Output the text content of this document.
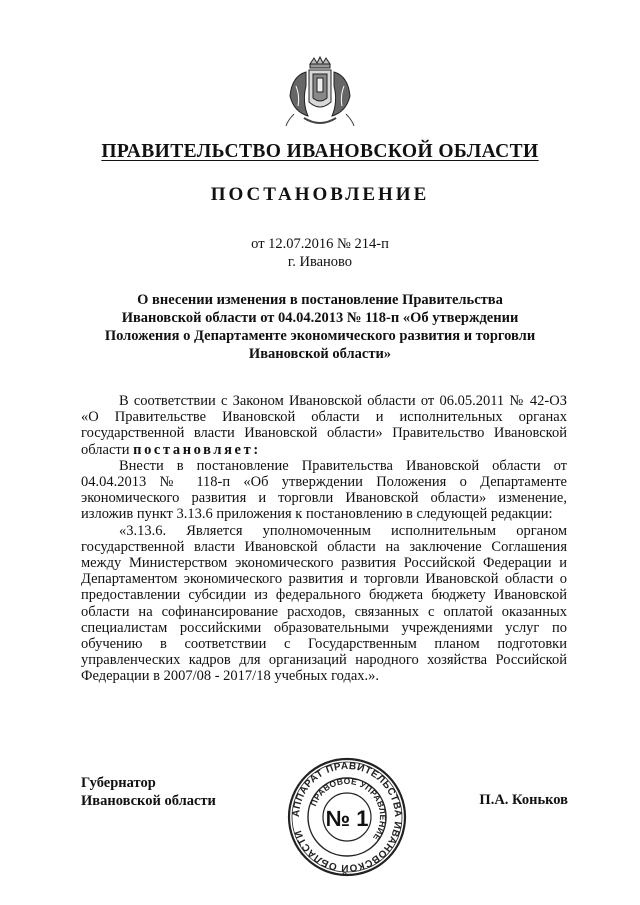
ПРАВИТЕЛЬСТВО ИВАНОВСКОЙ ОБЛАСТИ
ПОСТАНОВЛЕНИЕ
от 12.07.2016 № 214-п
г. Иваново
О внесении изменения в постановление Правительства
Ивановской области от 04.04.2013 № 118-п «Об утверждении
Положения о Департаменте экономического развития и торговли
Ивановской области»

В соответствии с Законом Ивановской области от 06.05.2011 № 42-ОЗ «О Правительстве Ивановской области и исполнительных органах государственной власти Ивановской области» Правительство Ивановской области постановляет:

Внести в постановление Правительства Ивановской области от 04.04.2013 № 118-п «Об утверждении Положения о Департаменте экономического развития и торговли Ивановской области» изменение, изложив пункт 3.13.6 приложения к постановлению в следующей редакции:

«3.13.6. Является уполномоченным исполнительным органом государственной власти Ивановской области на заключение Соглашения между Министерством экономического развития Российской Федерации и Департаментом экономического развития и торговли Ивановской области о предоставлении субсидии из федерального бюджета бюджету Ивановской области на софинансирование расходов, связанных с оплатой оказанных специалистам российскими образовательными учреждениями услуг по обучению в соответствии с Государственным планом подготовки управленческих кадров для организаций народного хозяйства Российской Федерации в 2007/08 - 2017/18 учебных годах.».

Губернатор
Ивановской области	П.А. Коньков
АППАРАТ ПРАВИТЕЛЬСТВА ИВАНОВСКОЙ ОБЛАСТИ
ПРАВОВОЕ УПРАВЛЕНИЕ
№ 1
